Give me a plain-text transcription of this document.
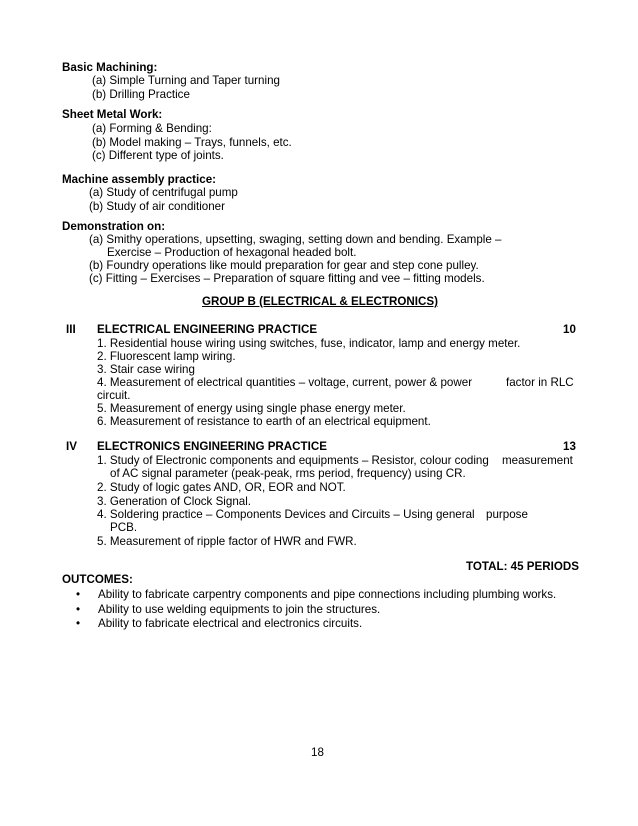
Basic Machining:
(a) Simple Turning and Taper turning
(b) Drilling Practice
Sheet Metal Work:
(a) Forming & Bending:
(b) Model making – Trays, funnels, etc.
(c) Different type of joints.
Machine assembly practice:
(a) Study of centrifugal pump
(b) Study of air conditioner
Demonstration on:
(a) Smithy operations, upsetting, swaging, setting down and bending. Example –
Exercise – Production of hexagonal headed bolt.
(b) Foundry operations like mould preparation for gear and step cone pulley.
(c) Fitting – Exercises – Preparation of square fitting and vee – fitting models.
GROUP B (ELECTRICAL & ELECTRONICS)
III ELECTRICAL ENGINEERING PRACTICE	10
1. Residential house wiring using switches, fuse, indicator, lamp and energy meter.
2. Fluorescent lamp wiring.
3. Stair case wiring
4. Measurement of electrical quantities – voltage, current, power & power	factor in RLC
circuit.
5. Measurement of energy using single phase energy meter.
6. Measurement of resistance to earth of an electrical equipment.
IV ELECTRONICS ENGINEERING PRACTICE	13
1. Study of Electronic components and equipments – Resistor, colour coding measurement
of AC signal parameter (peak-peak, rms period, frequency) using CR.
2. Study of logic gates AND, OR, EOR and NOT.
3. Generation of Clock Signal.
4. Soldering practice – Components Devices and Circuits – Using general purpose
PCB.
5. Measurement of ripple factor of HWR and FWR.
TOTAL: 45 PERIODS
OUTCOMES:
• Ability to fabricate carpentry components and pipe connections including plumbing works.
• Ability to use welding equipments to join the structures.
• Ability to fabricate electrical and electronics circuits.
18
